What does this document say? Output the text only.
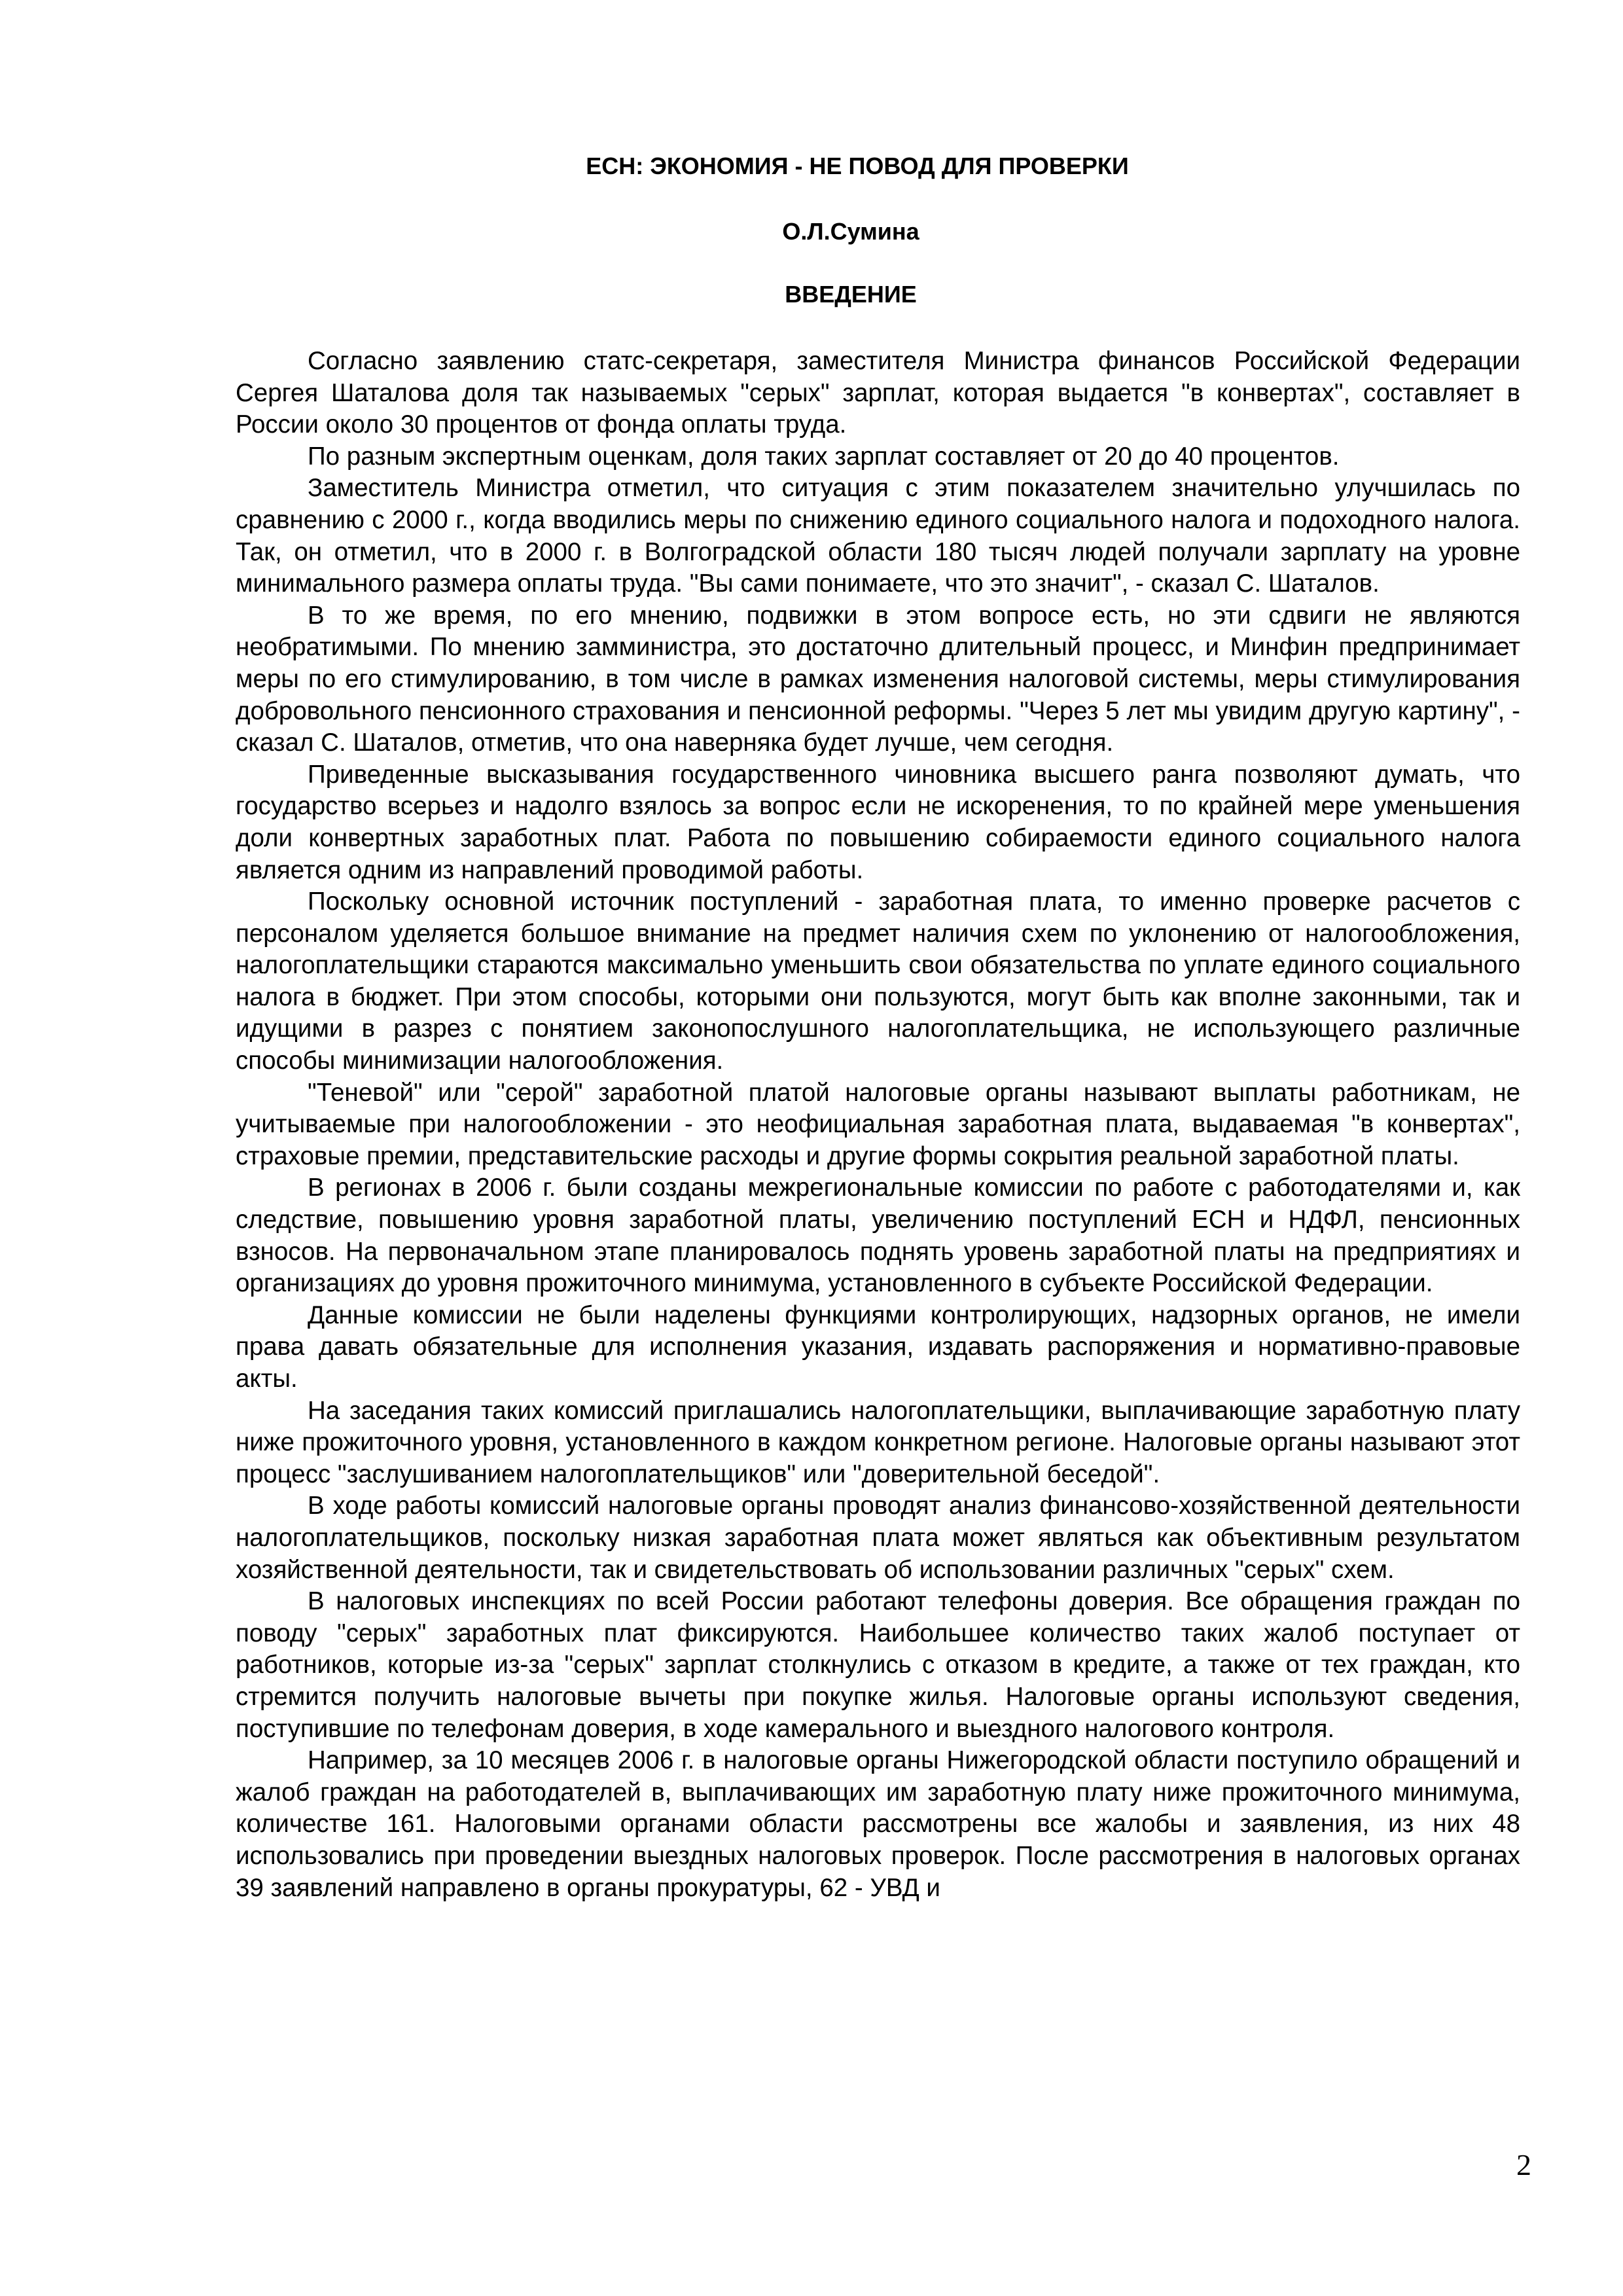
ЕСН: ЭКОНОМИЯ - НЕ ПОВОД ДЛЯ ПРОВЕРКИ
О.Л.Сумина
ВВЕДЕНИЕ

Согласно заявлению статс-секретаря, заместителя Министра финансов Российской Федерации Сергея Шаталова доля так называемых "серых" зарплат, которая выдается "в конвертах", составляет в России около 30 процентов от фонда оплаты труда.

По разным экспертным оценкам, доля таких зарплат составляет от 20 до 40 процентов.

Заместитель Министра отметил, что ситуация с этим показателем значительно улучшилась по сравнению с 2000 г., когда вводились меры по снижению единого социального налога и подоходного налога. Так, он отметил, что в 2000 г. в Волгоградской области 180 тысяч людей получали зарплату на уровне минимального размера оплаты труда. "Вы сами понимаете, что это значит", - сказал С. Шаталов.

В то же время, по его мнению, подвижки в этом вопросе есть, но эти сдвиги не являются необратимыми. По мнению замминистра, это достаточно длительный процесс, и Минфин предпринимает меры по его стимулированию, в том числе в рамках изменения налоговой системы, меры стимулирования добровольного пенсионного страхования и пенсионной реформы. "Через 5 лет мы увидим другую картину", - сказал С. Шаталов, отметив, что она наверняка будет лучше, чем сегодня.

Приведенные высказывания государственного чиновника высшего ранга позволяют думать, что государство всерьез и надолго взялось за вопрос если не искоренения, то по крайней мере уменьшения доли конвертных заработных плат. Работа по повышению собираемости единого социального налога является одним из направлений проводимой работы.

Поскольку основной источник поступлений - заработная плата, то именно проверке расчетов с персоналом уделяется большое внимание на предмет наличия схем по уклонению от налогообложения, налогоплательщики стараются максимально уменьшить свои обязательства по уплате единого социального налога в бюджет. При этом способы, которыми они пользуются, могут быть как вполне законными, так и идущими в разрез с понятием законопослушного налогоплательщика, не использующего различные способы минимизации налогообложения.

"Теневой" или "серой" заработной платой налоговые органы называют выплаты работникам, не учитываемые при налогообложении - это неофициальная заработная плата, выдаваемая "в конвертах", страховые премии, представительские расходы и другие формы сокрытия реальной заработной платы.

В регионах в 2006 г. были созданы межрегиональные комиссии по работе с работодателями и, как следствие, повышению уровня заработной платы, увеличению поступлений ЕСН и НДФЛ, пенсионных взносов. На первоначальном этапе планировалось поднять уровень заработной платы на предприятиях и организациях до уровня прожиточного минимума, установленного в субъекте Российской Федерации.

Данные комиссии не были наделены функциями контролирующих, надзорных органов, не имели права давать обязательные для исполнения указания, издавать распоряжения и нормативно-правовые акты.

На заседания таких комиссий приглашались налогоплательщики, выплачивающие заработную плату ниже прожиточного уровня, установленного в каждом конкретном регионе. Налоговые органы называют этот процесс "заслушиванием налогоплательщиков" или "доверительной беседой".

В ходе работы комиссий налоговые органы проводят анализ финансово-хозяйственной деятельности налогоплательщиков, поскольку низкая заработная плата может являться как объективным результатом хозяйственной деятельности, так и свидетельствовать об использовании различных "серых" схем.

В налоговых инспекциях по всей России работают телефоны доверия. Все обращения граждан по поводу "серых" заработных плат фиксируются. Наибольшее количество таких жалоб поступает от работников, которые из-за "серых" зарплат столкнулись с отказом в кредите, а также от тех граждан, кто стремится получить налоговые вычеты при покупке жилья. Налоговые органы используют сведения, поступившие по телефонам доверия, в ходе камерального и выездного налогового контроля.

Например, за 10 месяцев 2006 г. в налоговые органы Нижегородской области поступило обращений и жалоб граждан на работодателей в, выплачивающих им заработную плату ниже прожиточного минимума, количестве 161. Налоговыми органами области рассмотрены все жалобы и заявления, из них 48 использовались при проведении выездных налоговых проверок. После рассмотрения в налоговых органах 39 заявлений направлено в органы прокуратуры, 62 - УВД и

2
